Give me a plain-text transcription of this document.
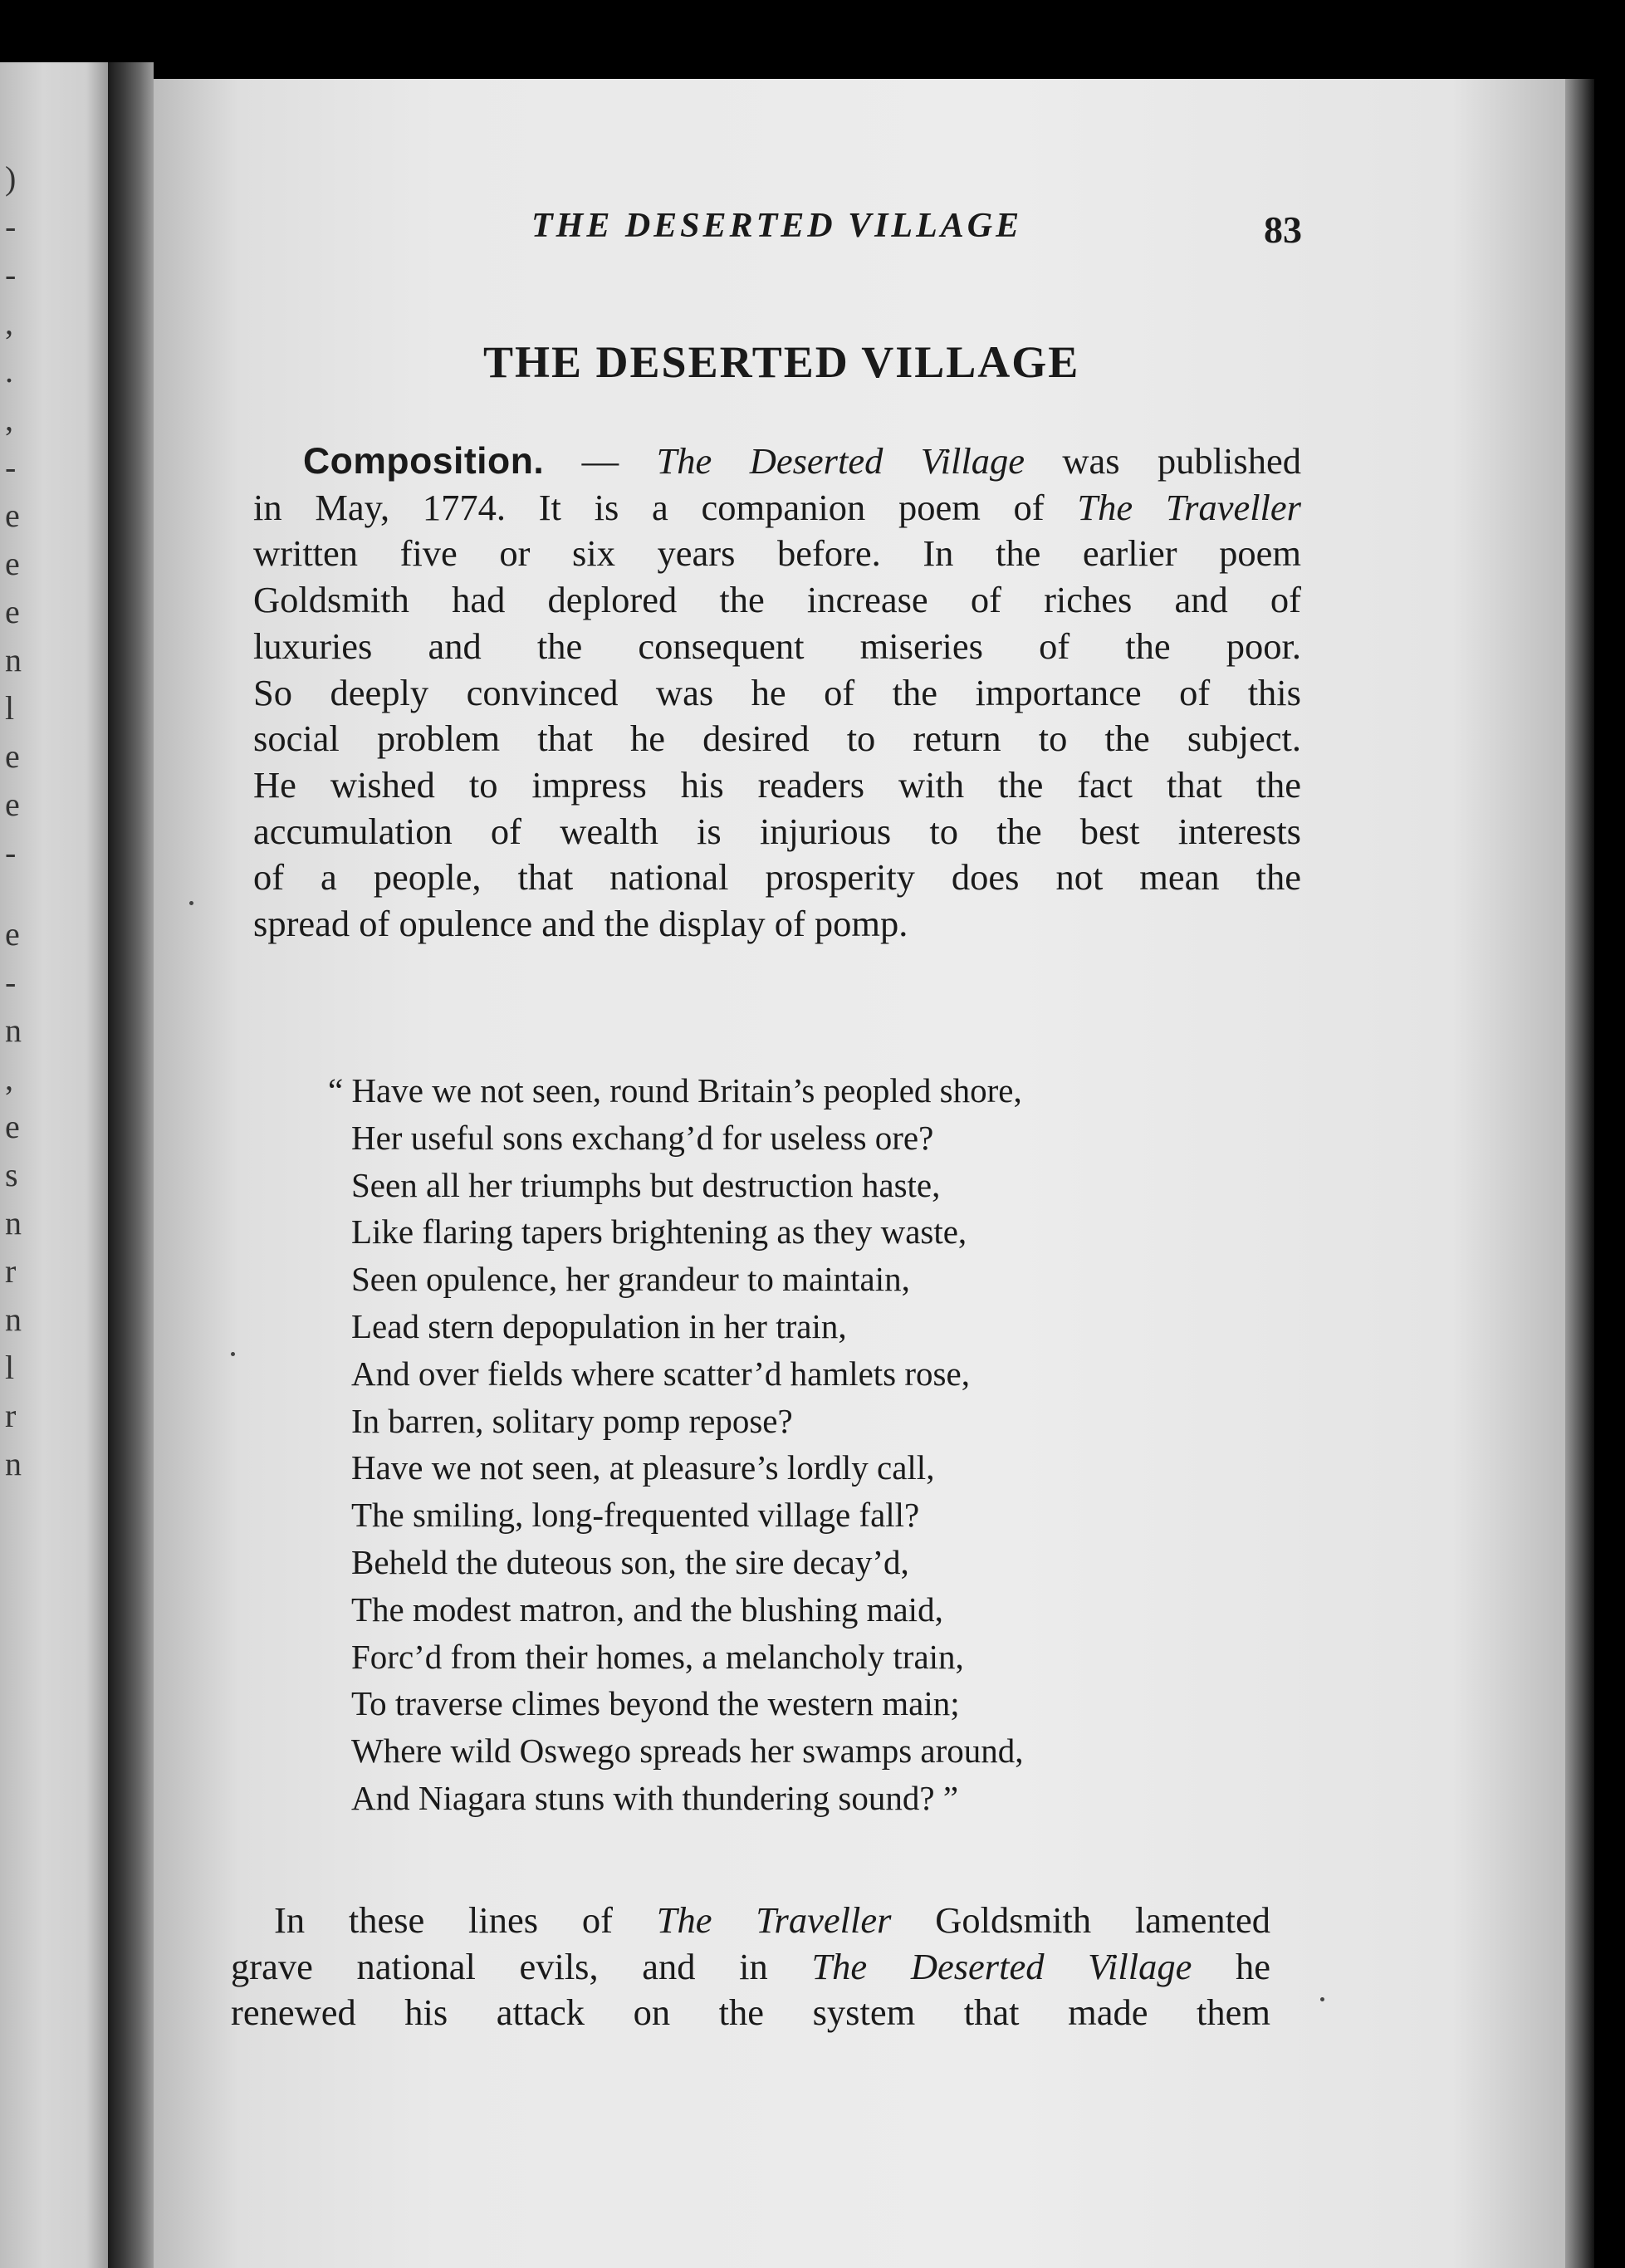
)
-
-
,
.
,
-
e
e
e
n
l
e
e
-
e
-
n
,
e
s
n
r
n
l
r
n
THE DESERTED VILLAGE	83
THE DESERTED VILLAGE
Composition. — The Deserted Village was published
in May, 1774. It is a companion poem of The Traveller
written five or six years before. In the earlier poem
Goldsmith had deplored the increase of riches and of
luxuries and the consequent miseries of the poor.
So deeply convinced was he of the importance of this
social problem that he desired to return to the subject.
He wished to impress his readers with the fact that the
accumulation of wealth is injurious to the best interests
of a people, that national prosperity does not mean the
spread of opulence and the display of pomp.
“ Have we not seen, round Britain’s peopled shore,
Her useful sons exchang’d for useless ore?
Seen all her triumphs but destruction haste,
Like flaring tapers brightening as they waste,
Seen opulence, her grandeur to maintain,
Lead stern depopulation in her train,
And over fields where scatter’d hamlets rose,
In barren, solitary pomp repose?
Have we not seen, at pleasure’s lordly call,
The smiling, long-frequented village fall?
Beheld the duteous son, the sire decay’d,
The modest matron, and the blushing maid,
Forc’d from their homes, a melancholy train,
To traverse climes beyond the western main;
Where wild Oswego spreads her swamps around,
And Niagara stuns with thundering sound? ”
In these lines of The Traveller Goldsmith lamented
grave national evils, and in The Deserted Village he
renewed his attack on the system that made them
